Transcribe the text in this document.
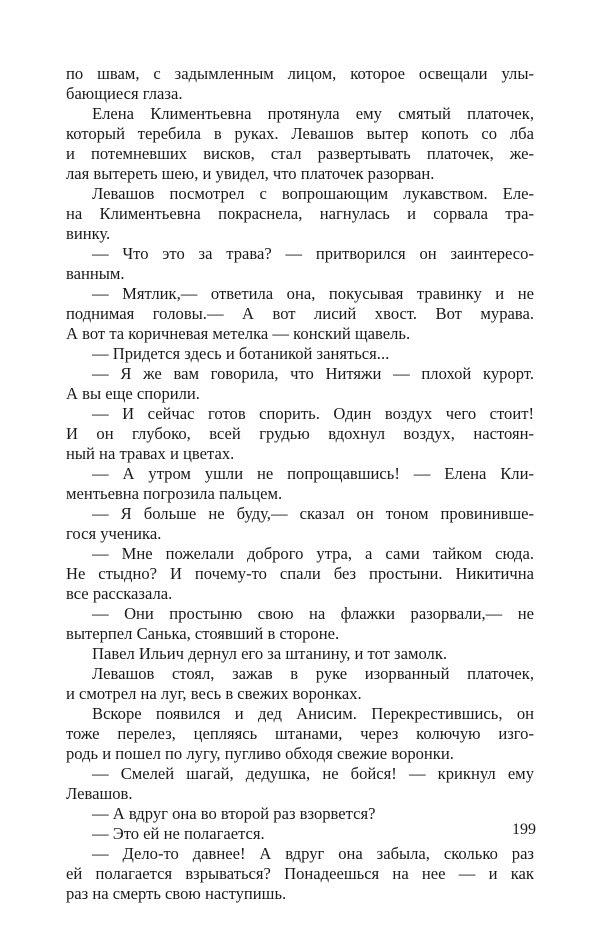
по швам, с задымленным лицом, которое освещали улы-
бающиеся глаза.
Елена Климентьевна протянула ему смятый платочек,
который теребила в руках. Левашов вытер копоть со лба
и потемневших висков, стал развертывать платочек, же-
лая вытереть шею, и увидел, что платочек разорван.
Левашов посмотрел с вопрошающим лукавством. Еле-
на Климентьевна покраснела, нагнулась и сорвала тра-
винку.
— Что это за трава? — притворился он заинтересо-
ванным.
— Мятлик,— ответила она, покусывая травинку и не
поднимая головы.— А вот лисий хвост. Вот мурава.
А вот та коричневая метелка — конский щавель.
— Придется здесь и ботаникой заняться...
— Я же вам говорила, что Нитяжи — плохой курорт.
А вы еще спорили.
— И сейчас готов спорить. Один воздух чего стоит!
И он глубоко, всей грудью вдохнул воздух, настоян-
ный на травах и цветах.
— А утром ушли не попрощавшись! — Елена Кли-
ментьевна погрозила пальцем.
— Я больше не буду,— сказал он тоном провинивше-
гося ученика.
— Мне пожелали доброго утра, а сами тайком сюда.
Не стыдно? И почему-то спали без простыни. Никитична
все рассказала.
— Они простыню свою на флажки разорвали,— не
вытерпел Санька, стоявший в стороне.
Павел Ильич дернул его за штанину, и тот замолк.
Левашов стоял, зажав в руке изорванный платочек,
и смотрел на луг, весь в свежих воронках.
Вскоре появился и дед Анисим. Перекрестившись, он
тоже перелез, цепляясь штанами, через колючую изго-
родь и пошел по лугу, пугливо обходя свежие воронки.
— Смелей шагай, дедушка, не бойся! — крикнул ему
Левашов.
— А вдруг она во второй раз взорвется?
— Это ей не полагается.
— Дело-то давнее! А вдруг она забыла, сколько раз
ей полагается взрываться? Понадеешься на нее — и как
раз на смерть свою наступишь.
199
